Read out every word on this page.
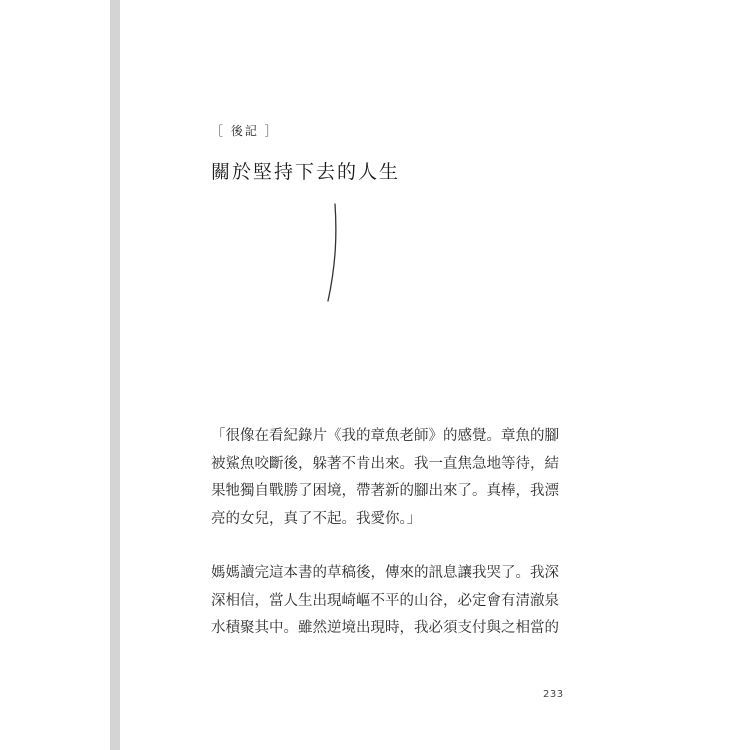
［ 後記 ］
關於堅持下去的人生

「很像在看紀錄片《我的章魚老師》的感覺。章魚的腳
被鯊魚咬斷後，躲著不肯出來。我一直焦急地等待，結
果牠獨自戰勝了困境，帶著新的腳出來了。真棒，我漂
亮的女兒，真了不起。我愛你。」

媽媽讀完這本書的草稿後，傳來的訊息讓我哭了。我深
深相信，當人生出現崎嶇不平的山谷，必定會有清澈泉
水積聚其中。雖然逆境出現時，我必須支付與之相當的

233
